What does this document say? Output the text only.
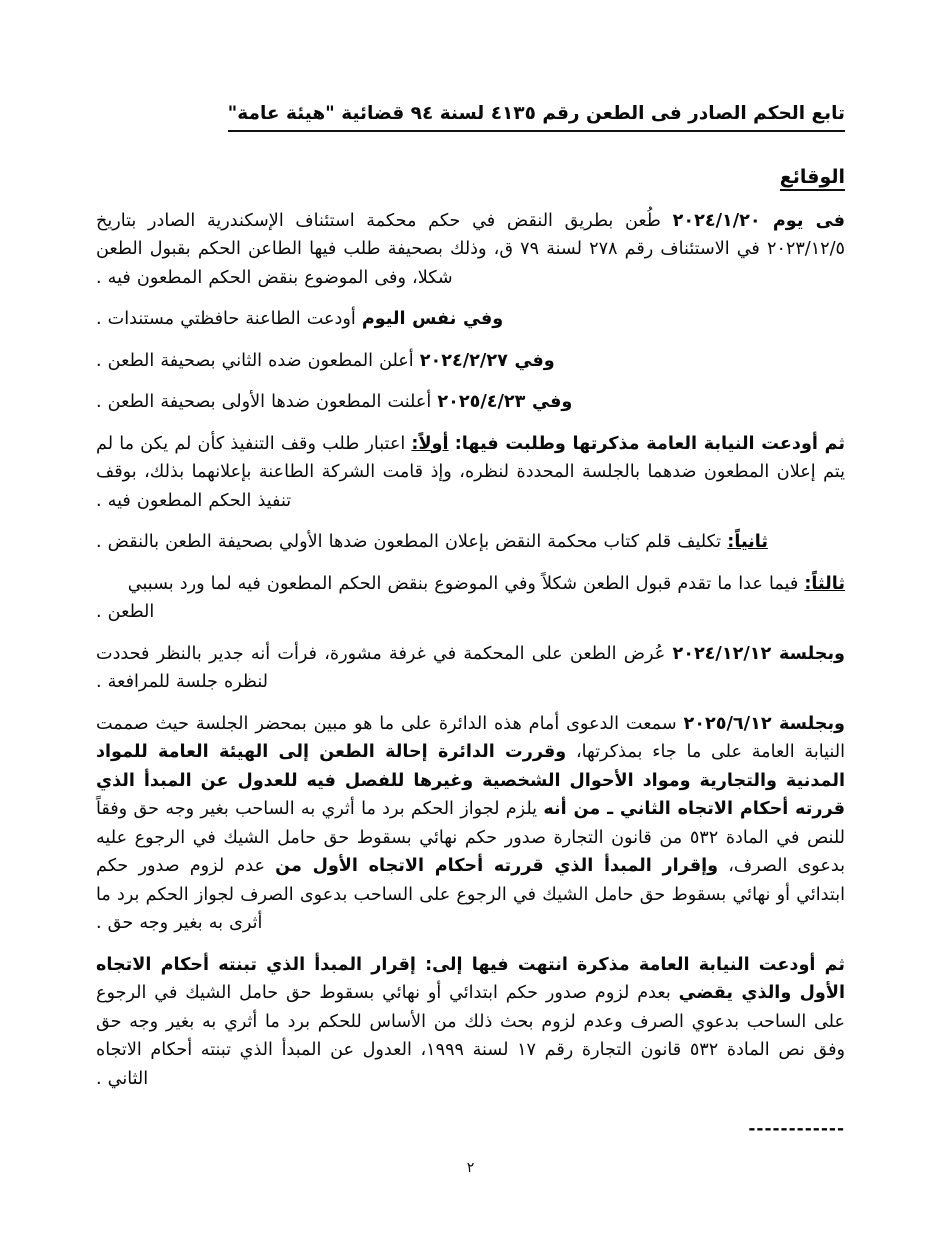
تابع الحكم الصادر فى الطعن رقم ٤١٣٥ لسنة ٩٤ قضائية "هيئة عامة"
الوقائع

فى يوم ٢٠٢٤/١/٢٠ طُعن بطريق النقض في حكم محكمة استئناف الإسكندرية الصادر بتاريخ ٢٠٢٣/١٢/٥ في الاستئناف رقم ٢٧٨ لسنة ٧٩ ق، وذلك بصحيفة طلب فيها الطاعن الحكم بقبول الطعن شكلا، وفى الموضوع بنقض الحكم المطعون فيه .

وفي نفس اليوم أودعت الطاعنة حافظتي مستندات .

وفي ٢٠٢٤/٢/٢٧ أعلن المطعون ضده الثاني بصحيفة الطعن .

وفي ٢٠٢٥/٤/٢٣ أعلنت المطعون ضدها الأولى بصحيفة الطعن .

ثم أودعت النيابة العامة مذكرتها وطلبت فيها: أولاً: اعتبار طلب وقف التنفيذ كأن لم يكن ما لم يتم إعلان المطعون ضدهما بالجلسة المحددة لنظره، وإذ قامت الشركة الطاعنة بإعلانهما بذلك، بوقف تنفيذ الحكم المطعون فيه .

ثانياً: تكليف قلم كتاب محكمة النقض بإعلان المطعون ضدها الأولي بصحيفة الطعن بالنقض .

ثالثاً: فيما عدا ما تقدم قبول الطعن شكلاً وفي الموضوع بنقض الحكم المطعون فيه لما ورد بسببي الطعن .

وبجلسة ٢٠٢٤/١٢/١٢ عُرض الطعن على المحكمة في غرفة مشورة، فرأت أنه جدير بالنظر فحددت لنظره جلسة للمرافعة .

وبجلسة ٢٠٢٥/٦/١٢ سمعت الدعوى أمام هذه الدائرة على ما هو مبين بمحضر الجلسة حيث صممت النيابة العامة على ما جاء بمذكرتها، وقررت الدائرة إحالة الطعن إلى الهيئة العامة للمواد المدنية والتجارية ومواد الأحوال الشخصية وغيرها للفصل فيه للعدول عن المبدأ الذي قررته أحكام الاتجاه الثاني ـ من أنه يلزم لجواز الحكم برد ما أثري به الساحب بغير وجه حق وفقاً للنص في المادة ٥٣٢ من قانون التجارة صدور حكم نهائي بسقوط حق حامل الشيك في الرجوع عليه بدعوى الصرف، وإقرار المبدأ الذي قررته أحكام الاتجاه الأول من عدم لزوم صدور حكم ابتدائي أو نهائي بسقوط حق حامل الشيك في الرجوع على الساحب بدعوى الصرف لجواز الحكم برد ما أثرى به بغير وجه حق .

ثم أودعت النيابة العامة مذكرة انتهت فيها إلى: إقرار المبدأ الذي تبنته أحكام الاتجاه الأول والذي يقضي بعدم لزوم صدور حكم ابتدائي أو نهائي بسقوط حق حامل الشيك في الرجوع على الساحب بدعوي الصرف وعدم لزوم بحث ذلك من الأساس للحكم برد ما أثري به بغير وجه حق وفق نص المادة ٥٣٢ قانون التجارة رقم ١٧ لسنة ١٩٩٩، العدول عن المبدأ الذي تبنته أحكام الاتجاه الثاني .

------------
٢
